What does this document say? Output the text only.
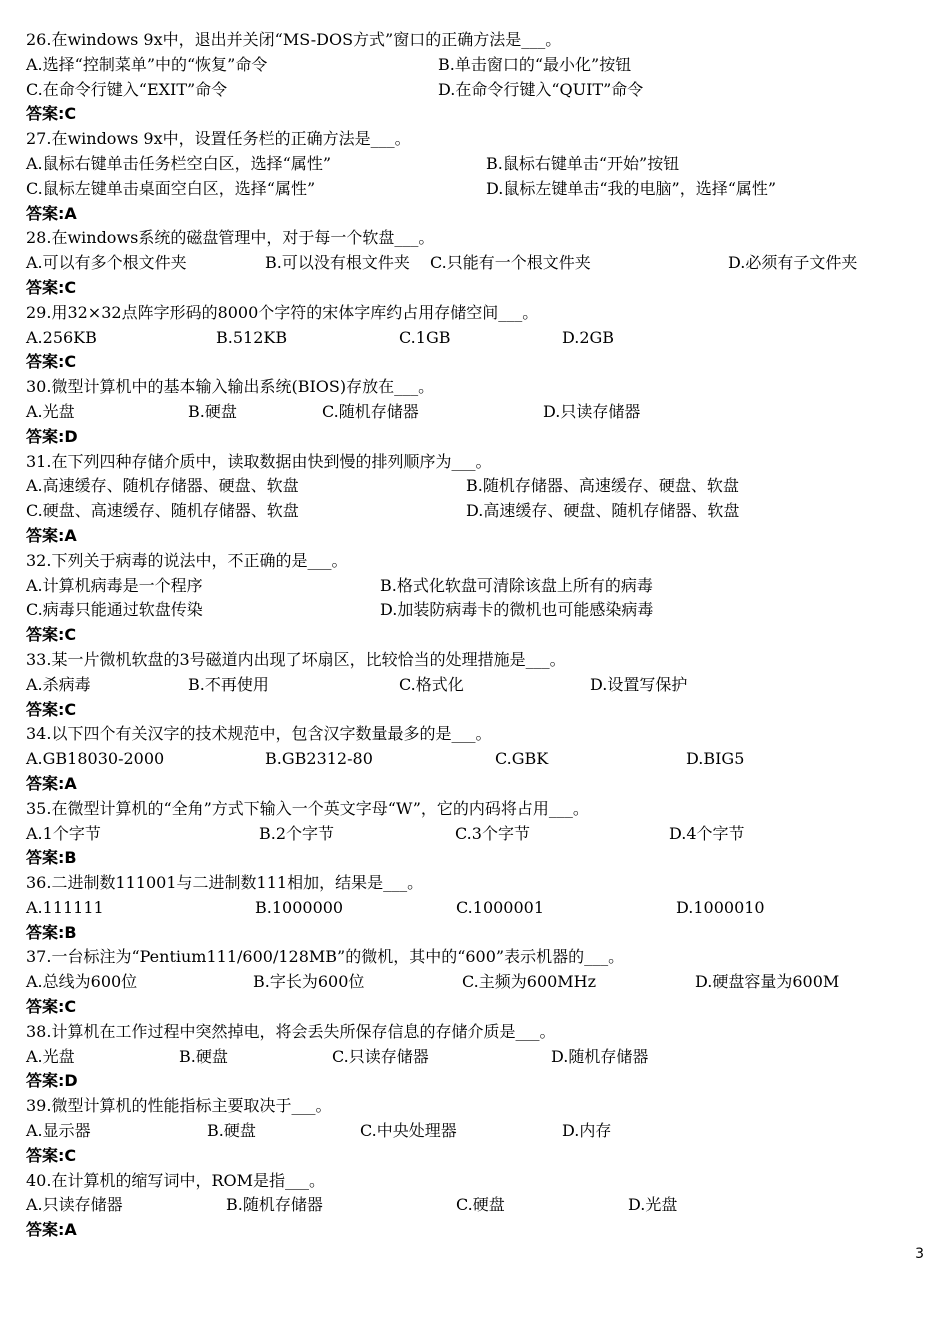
26.在windows 9x中，退出并关闭“MS-DOS方式”窗口的正确方法是___。
A.选择“控制菜单”中的“恢复”命令	B.单击窗口的“最小化”按钮
C.在命令行键入“EXIT”命令	D.在命令行键入“QUIT”命令
答案:C
27.在windows 9x中，设置任务栏的正确方法是___。
A.鼠标右键单击任务栏空白区，选择“属性”	B.鼠标右键单击“开始”按钮
C.鼠标左键单击桌面空白区，选择“属性”	D.鼠标左键单击“我的电脑”，选择“属性”
答案:A
28.在windows系统的磁盘管理中，对于每一个软盘___。
A.可以有多个根文件夹	B.可以没有根文件夹 C.只能有一个根文件夹	D.必须有子文件夹
答案:C
29.用32×32点阵字形码的8000个字符的宋体字库约占用存储空间___。
A.256KB	B.512KB	C.1GB	D.2GB
答案:C
30.微型计算机中的基本输入输出系统(BIOS)存放在___。
A.光盘	B.硬盘	C.随机存储器	D.只读存储器
答案:D
31.在下列四种存储介质中，读取数据由快到慢的排列顺序为___。
A.高速缓存、随机存储器、硬盘、软盘	B.随机存储器、高速缓存、硬盘、软盘
C.硬盘、高速缓存、随机存储器、软盘	D.高速缓存、硬盘、随机存储器、软盘
答案:A
32.下列关于病毒的说法中，不正确的是___。
A.计算机病毒是一个程序	B.格式化软盘可清除该盘上所有的病毒
C.病毒只能通过软盘传染	D.加装防病毒卡的微机也可能感染病毒
答案:C
33.某一片微机软盘的3号磁道内出现了坏扇区，比较恰当的处理措施是___。
A.杀病毒	B.不再使用	C.格式化	D.设置写保护
答案:C
34.以下四个有关汉字的技术规范中，包含汉字数量最多的是___。
A.GB18030-2000	B.GB2312-80	C.GBK	D.BIG5
答案:A
35.在微型计算机的“全角”方式下输入一个英文字母“W”，它的内码将占用___。
A.1个字节	B.2个字节	C.3个字节	D.4个字节
答案:B
36.二进制数111001与二进制数111相加，结果是___。
A.111111	B.1000000	C.1000001	D.1000010
答案:B
37.一台标注为“Pentium111/600/128MB”的微机，其中的“600”表示机器的___。
A.总线为600位	B.字长为600位	C.主频为600MHz	D.硬盘容量为600M
答案:C
38.计算机在工作过程中突然掉电，将会丢失所保存信息的存储介质是___。
A.光盘	B.硬盘	C.只读存储器	D.随机存储器
答案:D
39.微型计算机的性能指标主要取决于___。
A.显示器	B.硬盘	C.中央处理器	D.内存
答案:C
40.在计算机的缩写词中，ROM是指___。
A.只读存储器	B.随机存储器	C.硬盘	D.光盘
答案:A
3
